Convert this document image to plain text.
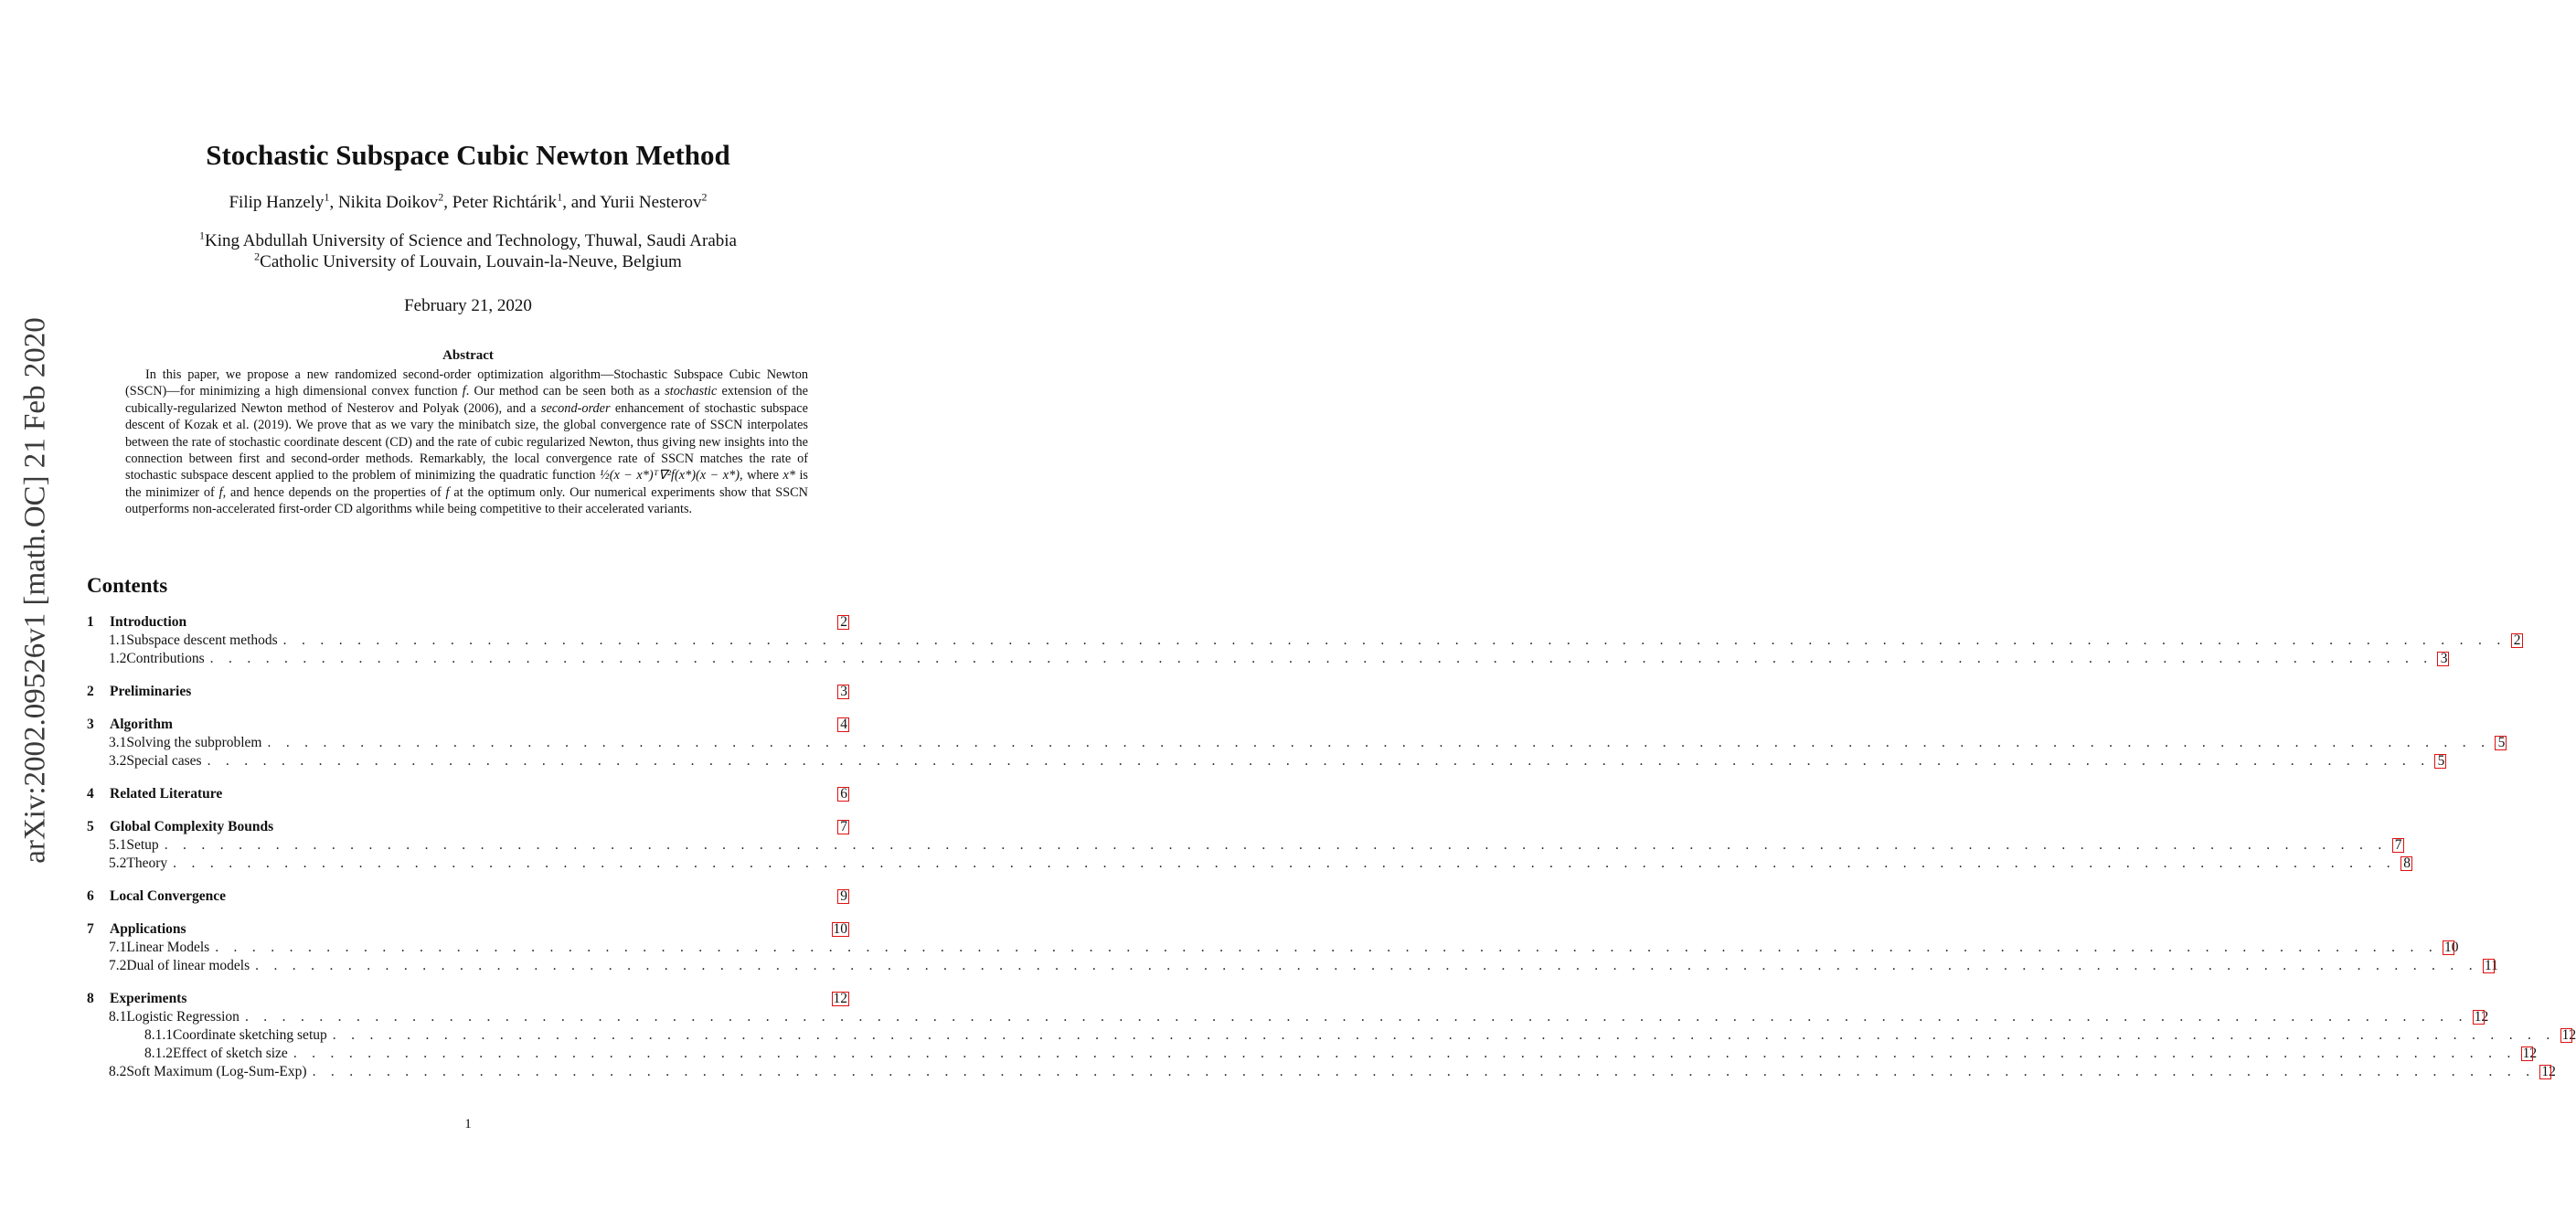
arXiv:2002.09526v1 [math.OC] 21 Feb 2020
Stochastic Subspace Cubic Newton Method
Filip Hanzely$^1$, Nikita Doikov$^2$, Peter Richtárik$^1$, and Yurii Nesterov$^2$
$^1$King Abdullah University of Science and Technology, Thuwal, Saudi Arabia
$^2$Catholic University of Louvain, Louvain-la-Neuve, Belgium
February 21, 2020
Abstract
In this paper, we propose a new randomized second-order optimization algorithm—Stochastic Subspace Cubic Newton (SSCN)—for minimizing a high dimensional convex function f. Our method can be seen both as a stochastic extension of the cubically-regularized Newton method of Nesterov and Polyak (2006), and a second-order enhancement of stochastic subspace descent of Kozak et al. (2019). We prove that as we vary the minibatch size, the global convergence rate of SSCN interpolates between the rate of stochastic coordinate descent (CD) and the rate of cubic regularized Newton, thus giving new insights into the connection between first and second-order methods. Remarkably, the local convergence rate of SSCN matches the rate of stochastic subspace descent applied to the problem of minimizing the quadratic function ½(x − x*)ᵀ∇²f(x*)(x − x*), where x* is the minimizer of f, and hence depends on the properties of f at the optimum only. Our numerical experiments show that SSCN outperforms non-accelerated first-order CD algorithms while being competitive to their accelerated variants.
Contents
1	Introduction	2
1.1 Subspace descent methods . . . . . . . . . . . . . . . . . . . . . . . . . . . . . . . . . . . . . . . . . . . . . . . . . . . . . . . . . . . . . . . . . . . . . . . . . . . . . . . . . . . . . . . . . . . . . . . . . . . . . . . . . . . . . . . . . . . . . . . . 2
1.2 Contributions . . . . . . . . . . . . . . . . . . . . . . . . . . . . . . . . . . . . . . . . . . . . . . . . . . . . . . . . . . . . . . . . . . . . . . . . . . . . . . . . . . . . . . . . . . . . . . . . . . . . . . . . . . . . . . . . . . . . . . . . 3
2	Preliminaries	3
3	Algorithm	4
3.1 Solving the subproblem . . . . . . . . . . . . . . . . . . . . . . . . . . . . . . . . . . . . . . . . . . . . . . . . . . . . . . . . . . . . . . . . . . . . . . . . . . . . . . . . . . . . . . . . . . . . . . . . . . . . . . . . . . . . . . . . . . . . . . . . 5
3.2 Special cases . . . . . . . . . . . . . . . . . . . . . . . . . . . . . . . . . . . . . . . . . . . . . . . . . . . . . . . . . . . . . . . . . . . . . . . . . . . . . . . . . . . . . . . . . . . . . . . . . . . . . . . . . . . . . . . . . . . . . . . . 5
4	Related Literature	6
5	Global Complexity Bounds	7
5.1 Setup . . . . . . . . . . . . . . . . . . . . . . . . . . . . . . . . . . . . . . . . . . . . . . . . . . . . . . . . . . . . . . . . . . . . . . . . . . . . . . . . . . . . . . . . . . . . . . . . . . . . . . . . . . . . . . . . . . . . . . . . 7
5.2 Theory . . . . . . . . . . . . . . . . . . . . . . . . . . . . . . . . . . . . . . . . . . . . . . . . . . . . . . . . . . . . . . . . . . . . . . . . . . . . . . . . . . . . . . . . . . . . . . . . . . . . . . . . . . . . . . . . . . . . . . . . 8
6	Local Convergence	9
7	Applications	10
7.1 Linear Models . . . . . . . . . . . . . . . . . . . . . . . . . . . . . . . . . . . . . . . . . . . . . . . . . . . . . . . . . . . . . . . . . . . . . . . . . . . . . . . . . . . . . . . . . . . . . . . . . . . . . . . . . . . . . . . . . . . . . . . . 10
7.2 Dual of linear models . . . . . . . . . . . . . . . . . . . . . . . . . . . . . . . . . . . . . . . . . . . . . . . . . . . . . . . . . . . . . . . . . . . . . . . . . . . . . . . . . . . . . . . . . . . . . . . . . . . . . . . . . . . . . . . . . . . . . . . . 11
8	Experiments	12
8.1 Logistic Regression . . . . . . . . . . . . . . . . . . . . . . . . . . . . . . . . . . . . . . . . . . . . . . . . . . . . . . . . . . . . . . . . . . . . . . . . . . . . . . . . . . . . . . . . . . . . . . . . . . . . . . . . . . . . . . . . . . . . . . . . 12
8.1.1 Coordinate sketching setup . . . . . . . . . . . . . . . . . . . . . . . . . . . . . . . . . . . . . . . . . . . . . . . . . . . . . . . . . . . . . . . . . . . . . . . . . . . . . . . . . . . . . . . . . . . . . . . . . . . . . . . . . . . . . . . . . . . . . . . . 12
8.1.2 Effect of sketch size . . . . . . . . . . . . . . . . . . . . . . . . . . . . . . . . . . . . . . . . . . . . . . . . . . . . . . . . . . . . . . . . . . . . . . . . . . . . . . . . . . . . . . . . . . . . . . . . . . . . . . . . . . . . . . . . . . . . . . . . 12
8.2 Soft Maximum (Log-Sum-Exp) . . . . . . . . . . . . . . . . . . . . . . . . . . . . . . . . . . . . . . . . . . . . . . . . . . . . . . . . . . . . . . . . . . . . . . . . . . . . . . . . . . . . . . . . . . . . . . . . . . . . . . . . . . . . . . . . . . . . . . . . 12
1
